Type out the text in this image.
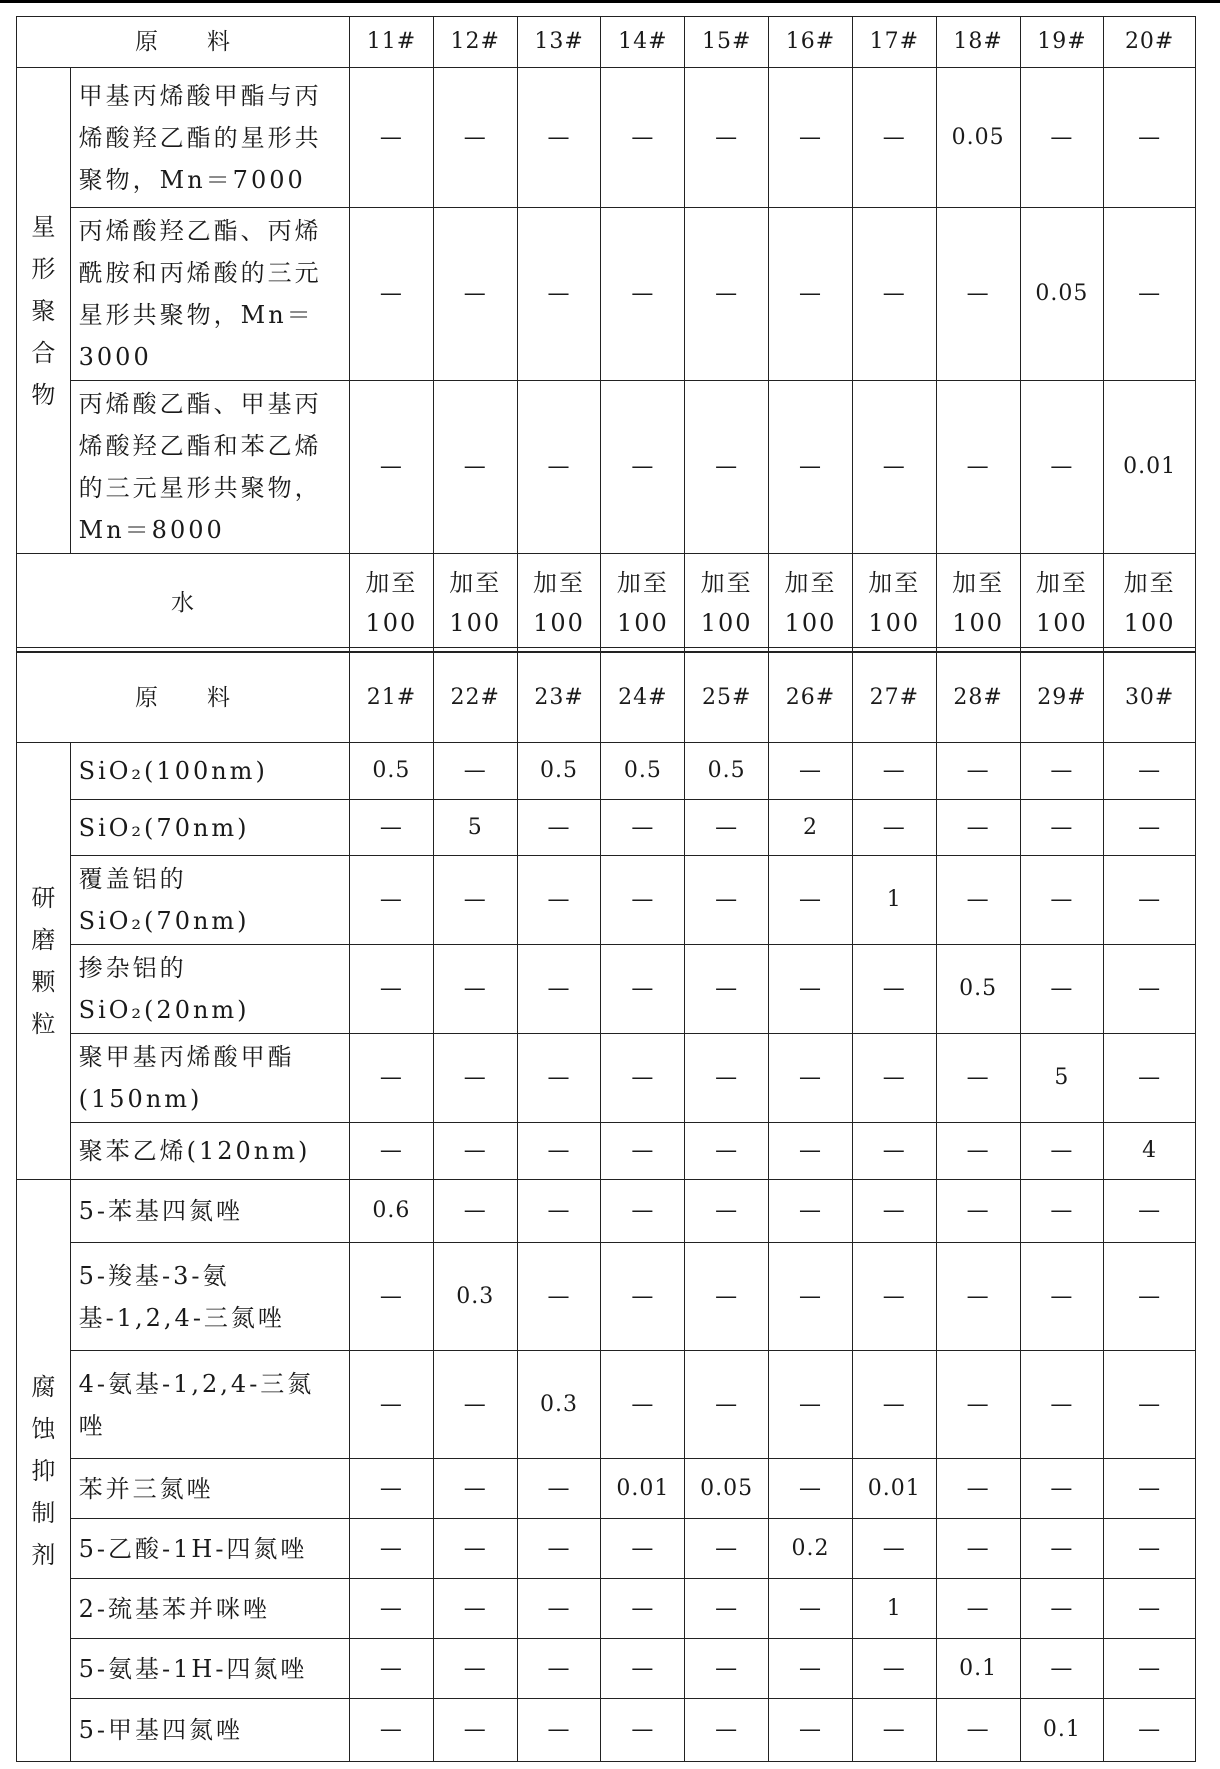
原　　料		11#	12#	13#	14#	15#	16#	17#	18#	19#	20#
星形聚合物	甲基丙烯酸甲酯与丙烯酸羟乙酯的星形共聚物，Mn＝7000	—	—	—	—	—	—	—	0.05	—	—
	丙烯酸羟乙酯、丙烯酰胺和丙烯酸的三元星形共聚物，Mn＝3000	—	—	—	—	—	—	—	—	0.05	—
	丙烯酸乙酯、甲基丙烯酸羟乙酯和苯乙烯的三元星形共聚物，Mn＝8000	—	—	—	—	—	—	—	—	—	0.01
水		加至100	加至100	加至100	加至100	加至100	加至100	加至100	加至100	加至100	加至100
原　　料		21#	22#	23#	24#	25#	26#	27#	28#	29#	30#
研磨颗粒	SiO₂(100nm)	0.5	—	0.5	0.5	0.5	—	—	—	—	—
	SiO₂(70nm)	—	5	—	—	—	2	—	—	—	—
	覆盖铝的SiO₂(70nm)	—	—	—	—	—	—	1	—	—	—
	掺杂铝的SiO₂(20nm)	—	—	—	—	—	—	—	0.5	—	—
	聚甲基丙烯酸甲酯(150nm)	—	—	—	—	—	—	—	—	5	—
	聚苯乙烯(120nm)	—	—	—	—	—	—	—	—	—	4
腐蚀抑制剂	5-苯基四氮唑	0.6	—	—	—	—	—	—	—	—	—
	5-羧基-3-氨基-1,2,4-三氮唑	—	0.3	—	—	—	—	—	—	—	—
	4-氨基-1,2,4-三氮唑	—	—	0.3	—	—	—	—	—	—	—
	苯并三氮唑	—	—	—	0.01	0.05	—	0.01	—	—	—
	5-乙酸-1H-四氮唑	—	—	—	—	—	0.2	—	—	—	—
	2-巯基苯并咪唑	—	—	—	—	—	—	1	—	—	—
	5-氨基-1H-四氮唑	—	—	—	—	—	—	—	0.1	—	—
	5-甲基四氮唑	—	—	—	—	—	—	—	—	0.1	—
